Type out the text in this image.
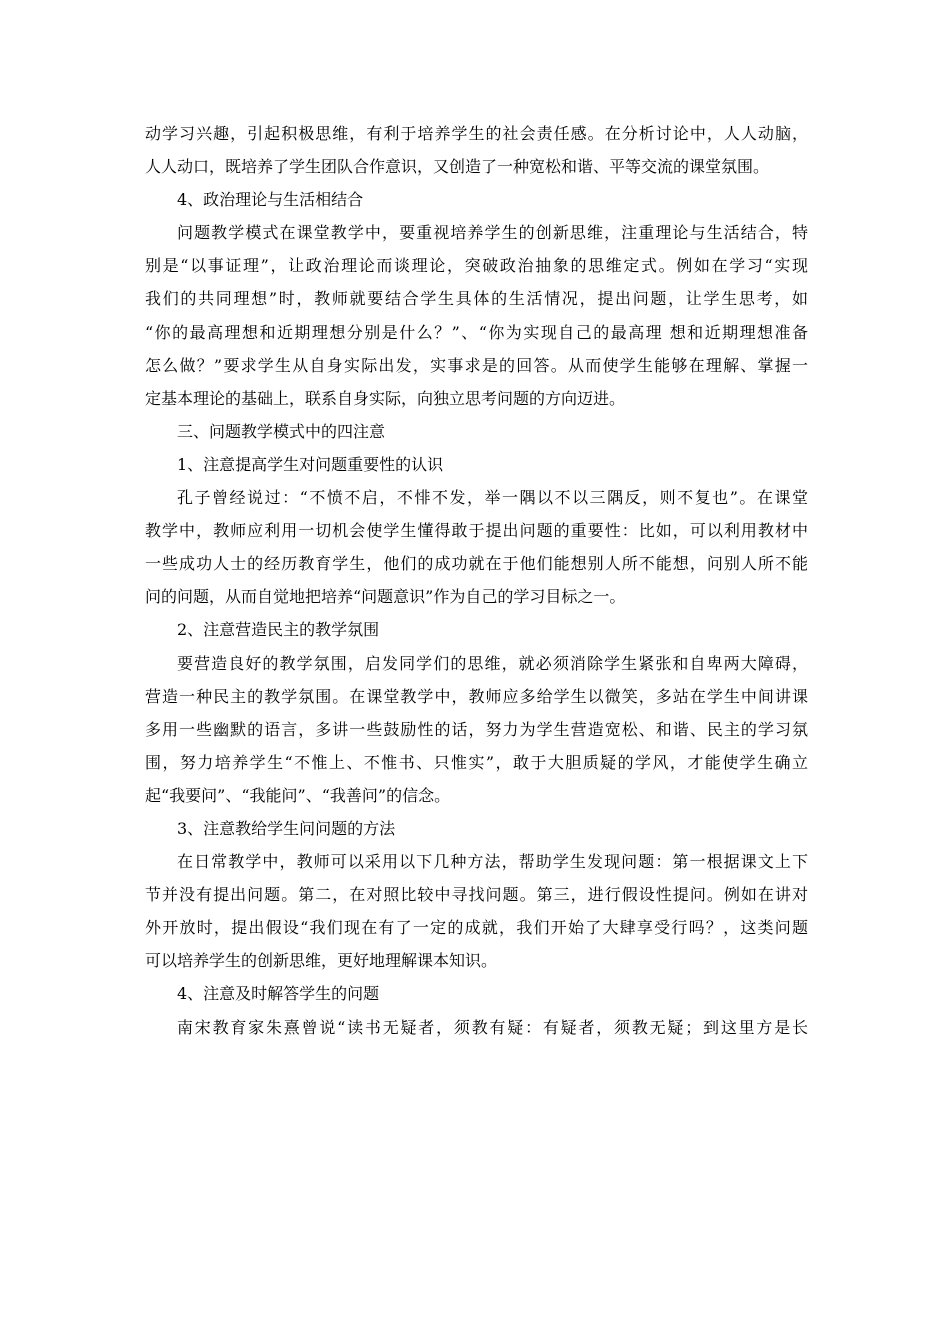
动学习兴趣，引起积极思维，有利于培养学生的社会责任感。在分析讨论中，人人动脑，
人人动口，既培养了学生团队合作意识，又创造了一种宽松和谐、平等交流的课堂氛围。
4、政治理论与生活相结合
问题教学模式在课堂教学中，要重视培养学生的创新思维，注重理论与生活结合，特
别是“以事证理”，让政治理论而谈理论，突破政治抽象的思维定式。例如在学习“实现
我们的共同理想”时，教师就要结合学生具体的生活情况，提出问题，让学生思考，如
“你的最高理想和近期理想分别是什么？”、“你为实现自己的最高理 想和近期理想准备
怎么做？”要求学生从自身实际出发，实事求是的回答。从而使学生能够在理解、掌握一
定基本理论的基础上，联系自身实际，向独立思考问题的方向迈进。
三、问题教学模式中的四注意
1、注意提高学生对问题重要性的认识
孔子曾经说过：“不愤不启，不悱不发，举一隅以不以三隅反，则不复也”。在课堂
教学中，教师应利用一切机会使学生懂得敢于提出问题的重要性：比如，可以利用教材中
一些成功人士的经历教育学生，他们的成功就在于他们能想别人所不能想，问别人所不能
问的问题，从而自觉地把培养“问题意识”作为自己的学习目标之一。
2、注意营造民主的教学氛围
要营造良好的教学氛围，启发同学们的思维，就必须消除学生紧张和自卑两大障碍，
营造一种民主的教学氛围。在课堂教学中，教师应多给学生以微笑，多站在学生中间讲课
多用一些幽默的语言，多讲一些鼓励性的话，努力为学生营造宽松、和谐、民主的学习氛
围，努力培养学生“不惟上、不惟书、只惟实”，敢于大胆质疑的学风，才能使学生确立
起“我要问”、“我能问”、“我善问”的信念。
3、注意教给学生问问题的方法
在日常教学中，教师可以采用以下几种方法，帮助学生发现问题：第一根据课文上下
节并没有提出问题。第二，在对照比较中寻找问题。第三，进行假设性提问。例如在讲对
外开放时，提出假设“我们现在有了一定的成就，我们开始了大肆享受行吗？，这类问题
可以培养学生的创新思维，更好地理解课本知识。
4、注意及时解答学生的问题
南宋教育家朱熹曾说“读书无疑者，须教有疑：有疑者，须教无疑；到这里方是长
